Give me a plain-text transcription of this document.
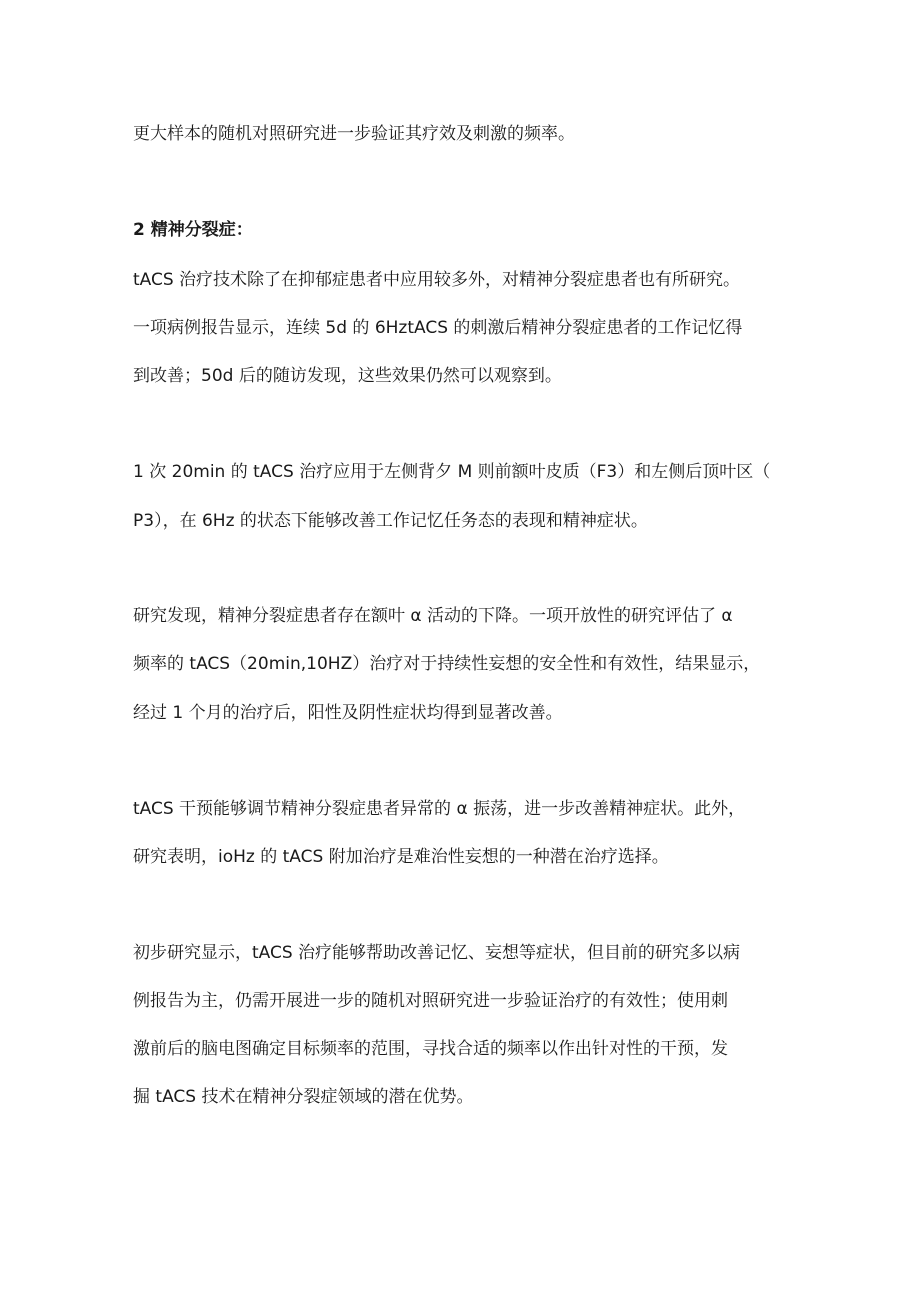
更大样本的随机对照研究进一步验证其疗效及刺激的频率。

2 精神分裂症：

tACS 治疗技术除了在抑郁症患者中应用较多外，对精神分裂症患者也有所研究。

一项病例报告显示，连续 5d 的 6HztACS 的刺激后精神分裂症患者的工作记忆得

到改善；50d 后的随访发现，这些效果仍然可以观察到。

1 次 20min 的 tACS 治疗应用于左侧背夕 M 则前额叶皮质（F3）和左侧后顶叶区（

P3），在 6Hz 的状态下能够改善工作记忆任务态的表现和精神症状。

研究发现，精神分裂症患者存在额叶 α 活动的下降。一项开放性的研究评估了 α

频率的 tACS（20min,10HZ）治疗对于持续性妄想的安全性和有效性，结果显示，

经过 1 个月的治疗后，阳性及阴性症状均得到显著改善。

tACS 干预能够调节精神分裂症患者异常的 α 振荡，进一步改善精神症状。此外，

研究表明，ioHz 的 tACS 附加治疗是难治性妄想的一种潜在治疗选择。

初步研究显示，tACS 治疗能够帮助改善记忆、妄想等症状，但目前的研究多以病

例报告为主，仍需开展进一步的随机对照研究进一步验证治疗的有效性；使用刺

激前后的脑电图确定目标频率的范围，寻找合适的频率以作出针对性的干预，发

掘 tACS 技术在精神分裂症领域的潜在优势。
